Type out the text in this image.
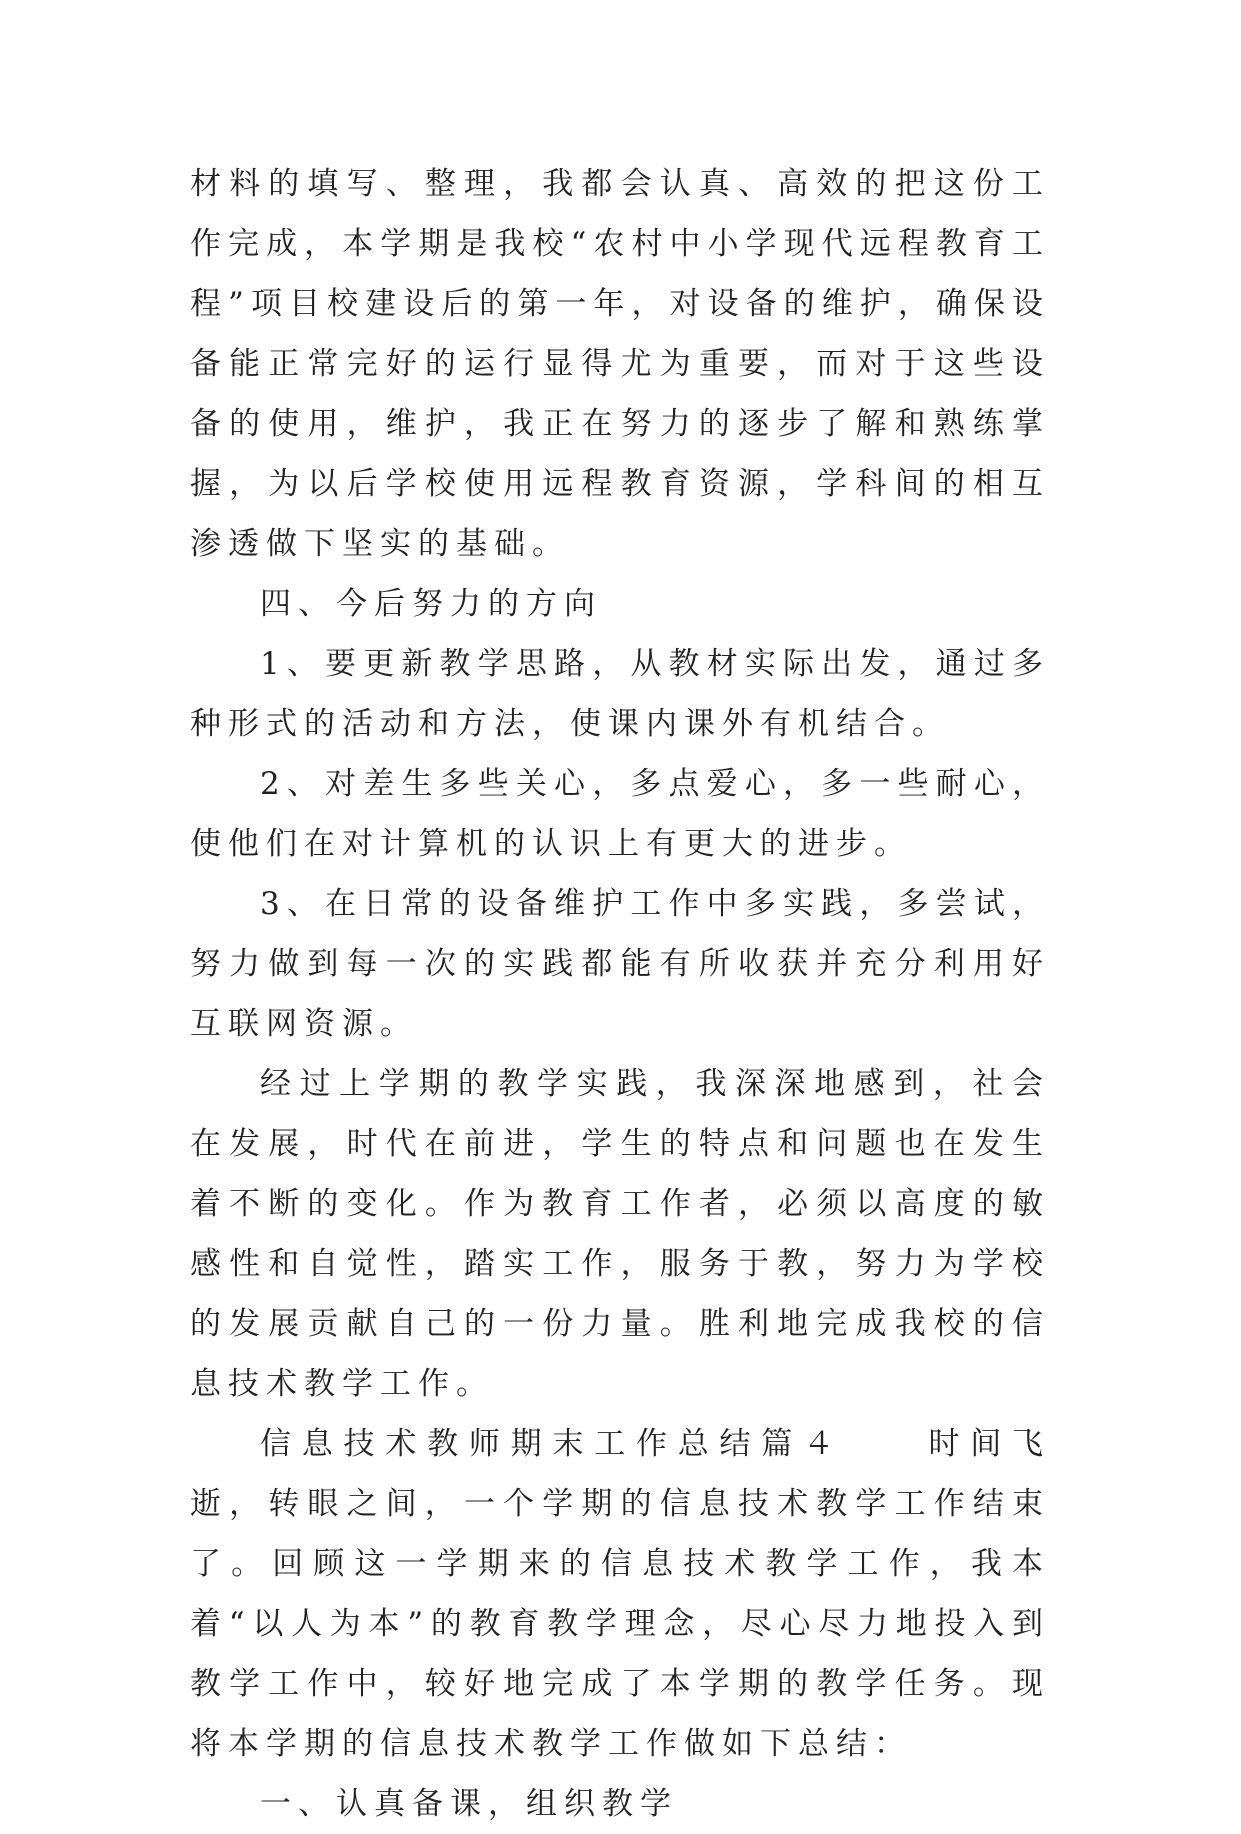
材料的填写、整理，我都会认真、高效的把这份工作完成，本学期是我校“农村中小学现代远程教育工程”项目校建设后的第一年，对设备的维护，确保设备能正常完好的运行显得尤为重要，而对于这些设备的使用，维护，我正在努力的逐步了解和熟练掌握，为以后学校使用远程教育资源，学科间的相互渗透做下坚实的基础。

四、今后努力的方向

1、要更新教学思路，从教材实际出发，通过多种形式的活动和方法，使课内课外有机结合。

2、对差生多些关心，多点爱心，多一些耐心，使他们在对计算机的认识上有更大的进步。

3、在日常的设备维护工作中多实践，多尝试，努力做到每一次的实践都能有所收获并充分利用好互联网资源。

经过上学期的教学实践，我深深地感到，社会在发展，时代在前进，学生的特点和问题也在发生着不断的变化。作为教育工作者，必须以高度的敏感性和自觉性，踏实工作，服务于教，努力为学校的发展贡献自己的一份力量。胜利地完成我校的信息技术教学工作。

信息技术教师期末工作总结篇４　　时间飞逝，转眼之间，一个学期的信息技术教学工作结束了。回顾这一学期来的信息技术教学工作，我本着“以人为本”的教育教学理念，尽心尽力地投入到教学工作中，较好地完成了本学期的教学任务。现将本学期的信息技术教学工作做如下总结：

一、认真备课，组织教学
